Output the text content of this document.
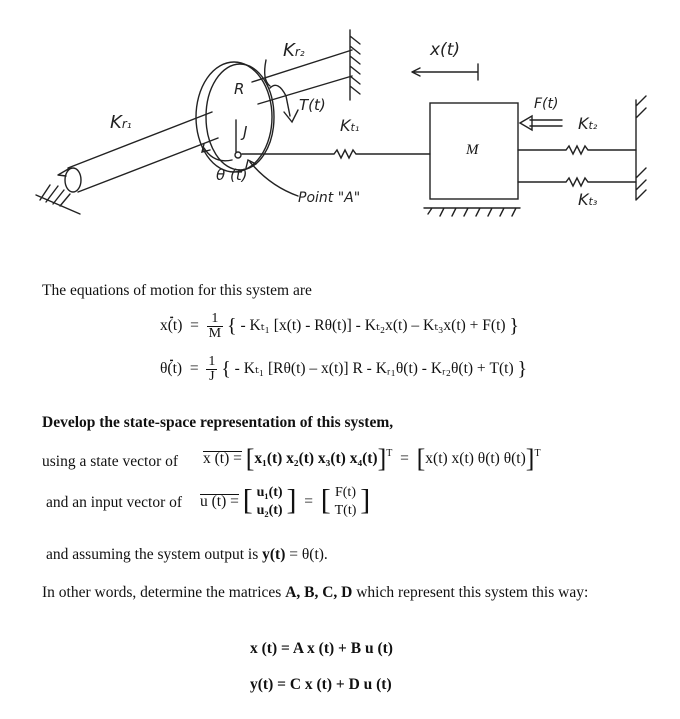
Kr₁
Kr₂
R
J
T(t)
θ (t)
Kt₁
Point "A"
x(t)
F(t)
M
Kt₂
Kt₃
The equations of motion for this system are
•• $x(t) = \frac{1}{M}$ { - Kₜ₁ [x(t) - Rθ(t)] - Kₜ₂x(t) – Kₜ₃x(t) + F(t) }
•• $\theta(t) = \frac{1}{J}$ { - Kₜ₁ [Rθ(t) – x(t)] R - Kᵣ₁θ(t) - Kᵣ₂θ(t) + T(t) }
Develop the state-space representation of this system,
using a state vector of x (t) = [x₁(t) x₂(t) x₃(t) x₄(t)]$^T$  =  [x(t) x(t) θ(t) θ(t)]$^T$
and an input vector of u (t) = [ u₁(t)
u₂(t) ]  =  [ F(t)
T(t) ]
and assuming the system output is y(t) = θ(t).
In other words, determine the matrices A, B, C, D which represent this system this way:
x (t) = A x (t) + B u (t)
y(t) = C x (t) + D u (t)
